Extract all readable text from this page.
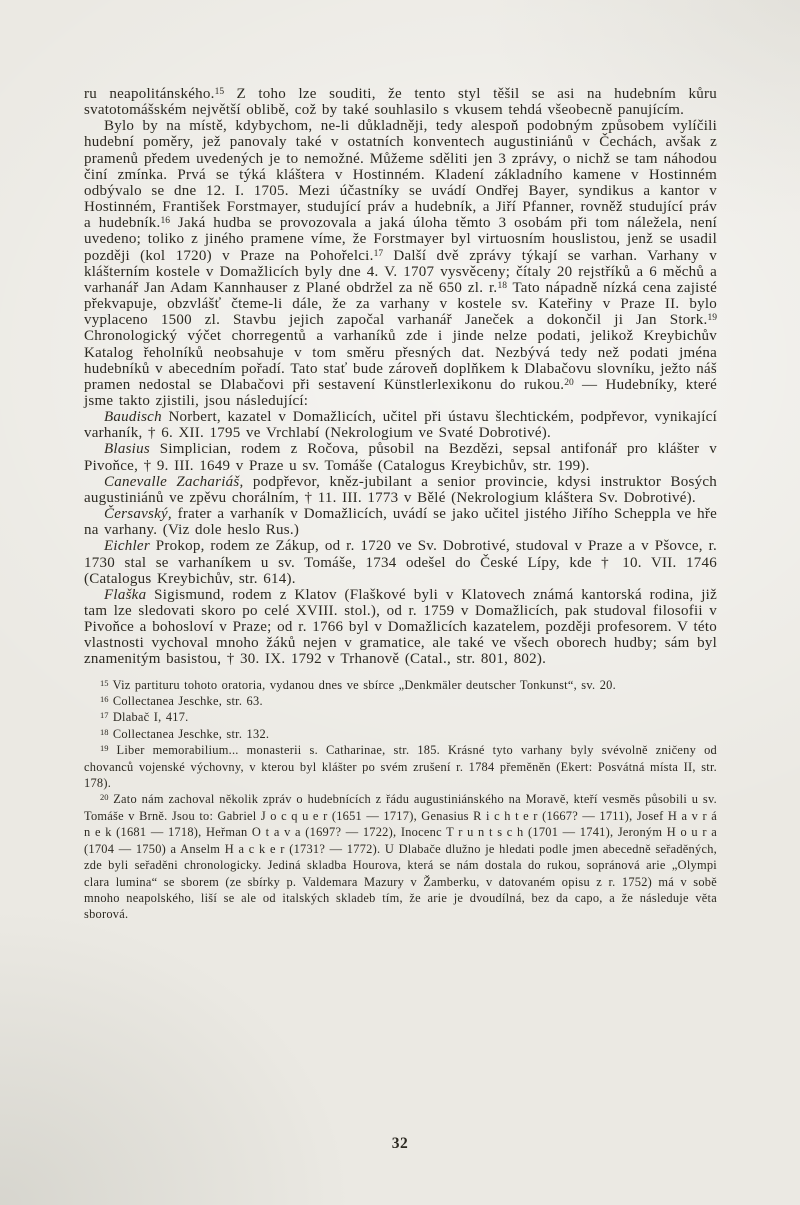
ru neapolitánského.$^{15}$ Z toho lze souditi, že tento styl těšil se asi na hudebním kůru svatotomášském největší oblibě, což by také souhlasilo s vkusem tehdá všeobecně panujícím.

Bylo by na místě, kdybychom, ne-li důkladněji, tedy alespoň podobným způsobem vylíčili hudební poměry, jež panovaly také v ostatních konventech augustiniánů v Čechách, avšak z pramenů předem uvedených je to nemožné. Můžeme sděliti jen 3 zprávy, o nichž se tam náhodou činí zmínka. Prvá se týká kláštera v Hostinném. Kladení základního kamene v Hostinném odbývalo se dne 12. I. 1705. Mezi účastníky se uvádí Ondřej Bayer, syndikus a kantor v Hostinném, František Forstmayer, studující práv a hudebník, a Jiří Pfanner, rovněž studující práv a hudebník.$^{16}$ Jaká hudba se provozovala a jaká úloha těmto 3 osobám při tom náležela, není uvedeno; toliko z jiného pramene víme, že Forstmayer byl virtuosním houslistou, jenž se usadil později (kol 1720) v Praze na Pohořelci.$^{17}$ Další dvě zprávy týkají se varhan. Varhany v klášterním kostele v Domažlicích byly dne 4. V. 1707 vysvěceny; čítaly 20 rejstříků a 6 měchů a varhanář Jan Adam Kannhauser z Plané obdržel za ně 650 zl. r.$^{18}$ Tato nápadně nízká cena zajisté překvapuje, obzvlášť čteme-li dále, že za varhany v kostele sv. Kateřiny v Praze II. bylo vyplaceno 1500 zl. Stavbu jejich započal varhanář Janeček a dokončil ji Jan Stork.$^{19}$ Chronologický výčet chorregentů a varhaníků zde i jinde nelze podati, jelikož Kreybichův Katalog řeholníků neobsahuje v tom směru přesných dat. Nezbývá tedy než podati jména hudebníků v abecedním pořadí. Tato stať bude zároveň doplňkem k Dlabačovu slovníku, ježto náš pramen nedostal se Dlabačovi při sestavení Künstlerlexikonu do rukou.$^{20}$ — Hudebníky, které jsme takto zjistili, jsou následující:

Baudisch Norbert, kazatel v Domažlicích, učitel při ústavu šlechtickém, podpřevor, vynikající varhaník, † 6. XII. 1795 ve Vrchlabí (Nekrologium ve Svaté Dobrotivé).

Blasius Simplician, rodem z Ročova, působil na Bezdězi, sepsal antifonář pro klášter v Pivoňce, † 9. III. 1649 v Praze u sv. Tomáše (Catalogus Kreybichův, str. 199).

Canevalle Zachariáš, podpřevor, kněz-jubilant a senior provincie, kdysi instruktor Bosých augustiniánů ve zpěvu chorálním, † 11. III. 1773 v Bělé (Nekrologium kláštera Sv. Dobrotivé).

Čersavský, frater a varhaník v Domažlicích, uvádí se jako učitel jistého Jiřího Scheppla ve hře na varhany. (Viz dole heslo Rus.)

Eichler Prokop, rodem ze Zákup, od r. 1720 ve Sv. Dobrotivé, studoval v Praze a v Pšovce, r. 1730 stal se varhaníkem u sv. Tomáše, 1734 odešel do České Lípy, kde † 10. VII. 1746 (Catalogus Kreybichův, str. 614).

Flaška Sigismund, rodem z Klatov (Flaškové byli v Klatovech známá kantorská rodina, již tam lze sledovati skoro po celé XVIII. stol.), od r. 1759 v Domažlicích, pak studoval filosofii v Pivoňce a bohosloví v Praze; od r. 1766 byl v Domažlicích kazatelem, později profesorem. V této vlastnosti vychoval mnoho žáků nejen v gramatice, ale také ve všech oborech hudby; sám byl znamenitým basistou, † 30. IX. 1792 v Trhanově (Catal., str. 801, 802).

$^{15}$ Viz partituru tohoto oratoria, vydanou dnes ve sbírce „Denkmäler deutscher Tonkunst“, sv. 20.

$^{16}$ Collectanea Jeschke, str. 63.

$^{17}$ Dlabač I, 417.

$^{18}$ Collectanea Jeschke, str. 132.

$^{19}$ Liber memorabilium... monasterii s. Catharinae, str. 185. Krásné tyto varhany byly svévolně zničeny od chovanců vojenské výchovny, v kterou byl klášter po svém zrušení r. 1784 přeměněn (Ekert: Posvátná místa II, str. 178).

$^{20}$ Zato nám zachoval několik zpráv o hudebnících z řádu augustiniánského na Moravě, kteří vesměs působili u sv. Tomáše v Brně. Jsou to: Gabriel J o c q u e r (1651 — 1717), Genasius R i c h t e r (1667? — 1711), Josef H a v r á n e k (1681 — 1718), Heřman O t a v a (1697? — 1722), Inocenc T r u n t s c h (1701 — 1741), Jeroným H o u r a (1704 — 1750) a Anselm H a c k e r (1731? — 1772). U Dlabače dlužno je hledati podle jmen abecedně seřaděných, zde byli seřaděni chronologicky. Jediná skladba Hourova, která se nám dostala do rukou, sopránová arie „Olympi clara lumina“ se sborem (ze sbírky p. Valdemara Mazury v Žamberku, v datovaném opisu z r. 1752) má v sobě mnoho neapolského, liší se ale od italských skladeb tím, že arie je dvoudílná, bez da capo, a že následuje věta sborová.

32
